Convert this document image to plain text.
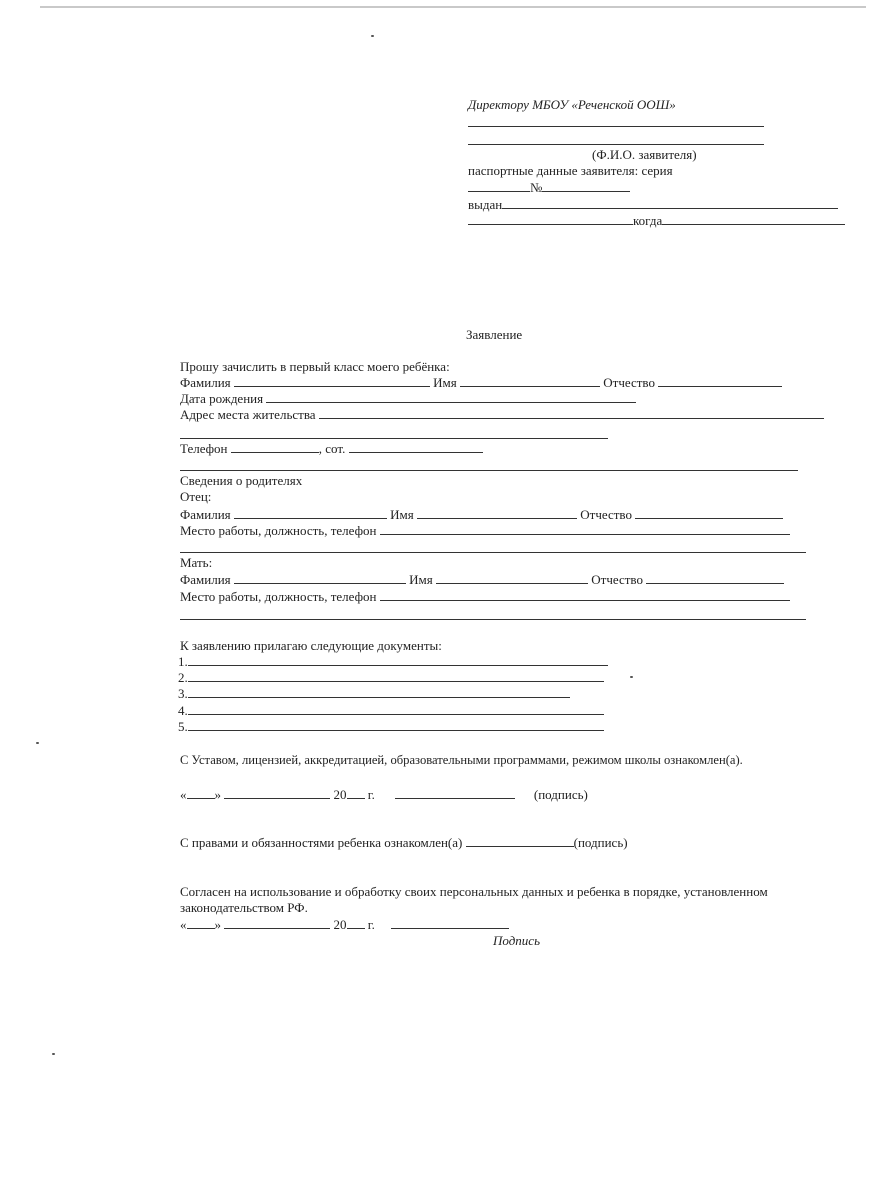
Директору МБОУ «Реченской ООШ»
(Ф.И.О. заявителя)
паспортные данные заявителя: серия
№
выдан
когда
Заявление
Прошу зачислить в первый класс моего ребёнка:
Фамилия	Имя	Отчество
Дата рождения
Адрес места жительства
Телефон	, сот.
Сведения о родителях
Отец:
Фамилия	Имя	Отчество
Место работы, должность, телефон
Мать:
Фамилия	Имя	Отчество
Место работы, должность, телефон
К заявлению прилагаю следующие документы:
1.
2.
3.
4.
5.
С Уставом, лицензией, аккредитацией, образовательными программами, режимом школы ознакомлен(а).
« »	20 г.	(подпись)
С правами и обязанностями ребенка ознакомлен(а)	(подпись)
Согласен на использование и обработку своих персональных данных и ребенка в порядке, установленном
законодательством РФ.
« »	20 г.
Подпись
